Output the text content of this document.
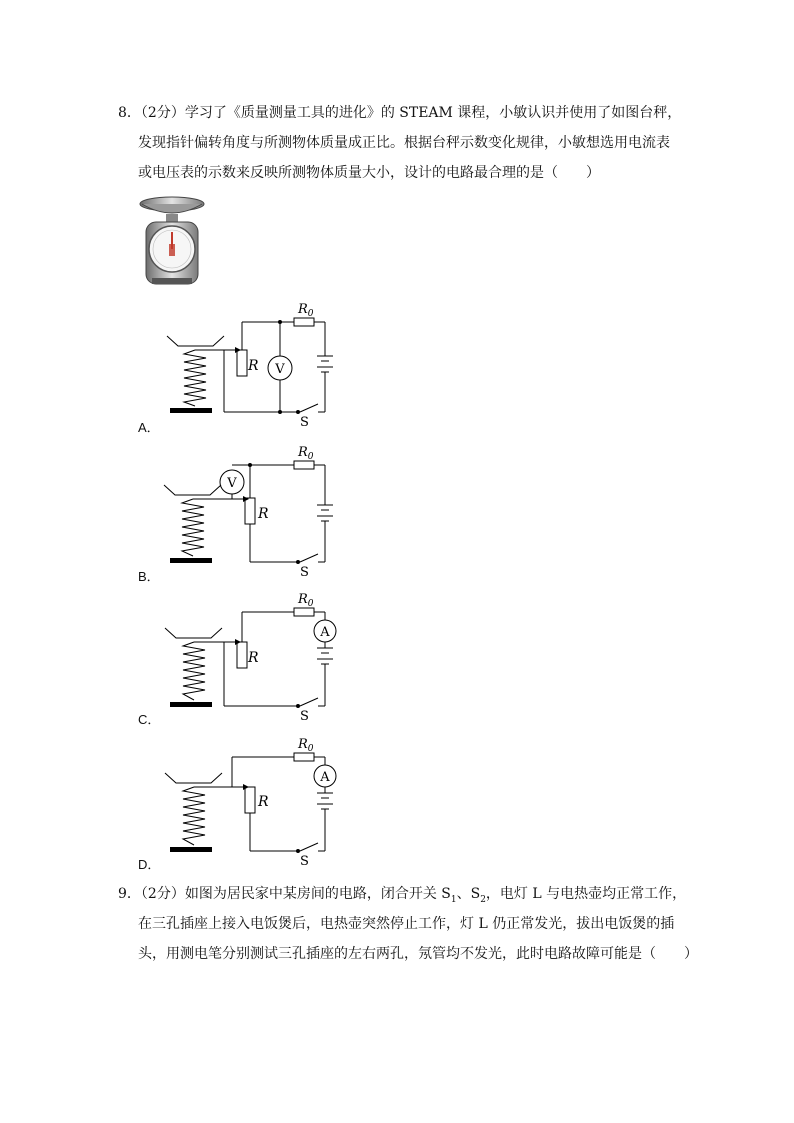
8．（2分）学习了《质量测量工具的进化》的 STEAM 课程，小敏认识并使用了如图台秤，
发现指针偏转角度与所测物体质量成正比。根据台秤示数变化规律，小敏想选用电流表
或电压表的示数来反映所测物体质量大小，设计的电路最合理的是（　　）
V
R
$R_0$
S
A．
V
R
$R_0$
S
B．
A
R
$R_0$
S
C．
A
R
$R_0$
S
D．
9．（2分）如图为居民家中某房间的电路，闭合开关 $S_1$、$S_2$，电灯 L 与电热壶均正常工作，
在三孔插座上接入电饭煲后，电热壶突然停止工作，灯 L 仍正常发光，拔出电饭煲的插
头，用测电笔分别测试三孔插座的左右两孔，氖管均不发光，此时电路故障可能是（　　）
